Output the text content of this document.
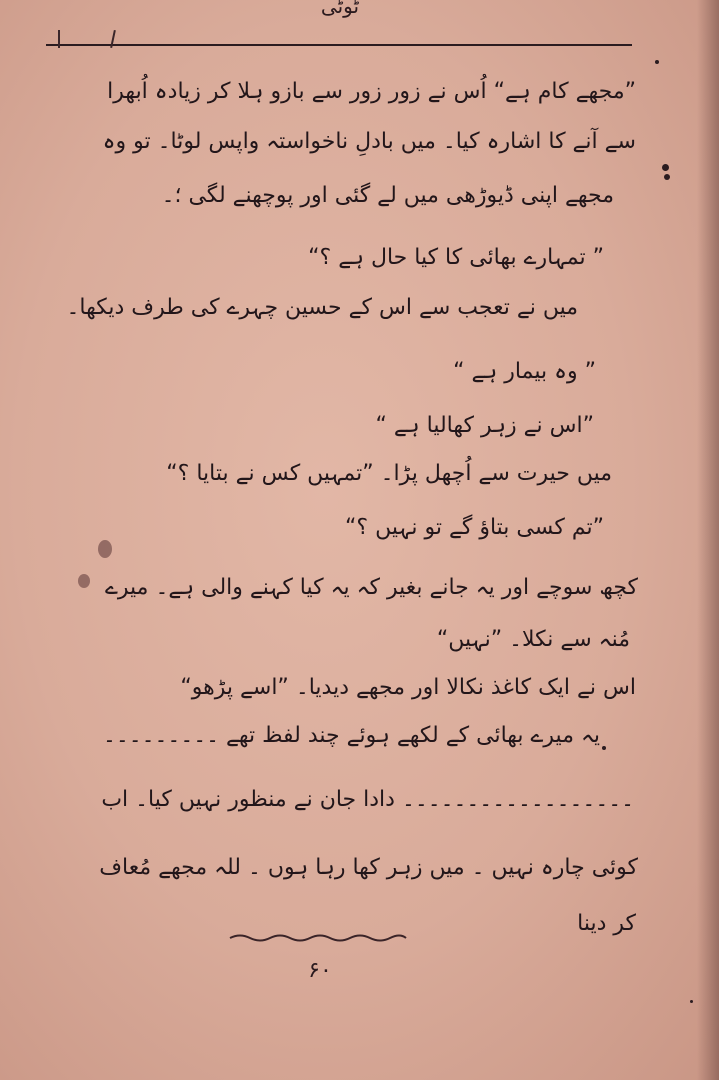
ٹوٹی
”مجھے کام ہے“ اُس نے زور زور سے بازو ہلا کر زیادہ اُبھرا
سے آنے کا اشارہ کیا۔ میں بادلِ ناخواستہ واپس لوٹا۔ تو وہ
مجھے اپنی ڈیوڑھی میں لے گئی اور پوچھنے لگی ؛۔
” تمہارے بھائی کا کیا حال ہے ؟“
میں نے تعجب سے اس کے حسین چہرے کی طرف دیکھا۔
” وہ بیمار ہے “
”اس نے زہر کھالیا ہے “
میں حیرت سے اُچھل پڑا۔ ”تمہیں کس نے بتایا ؟“
”تم کسی بتاؤ گے تو نہیں ؟“
کچھ سوچے اور یہ جانے بغیر کہ یہ کیا کہنے والی ہے۔ میرے
مُنہ سے نکلا۔ ”نہیں“
اس نے ایک کاغذ نکالا اور مجھے دیدیا۔ ”اسے پڑھو“
یہ میرے بھائی کے لکھے ہوئے چند لفظ تھے ۔۔۔۔۔۔۔۔۔
۔۔۔۔۔۔۔۔۔۔۔۔۔۔۔۔۔۔ دادا جان نے منظور نہیں کیا۔ اب
کوئی چارہ نہیں ۔ میں زہر کھا رہا ہوں ۔ للہ مجھے مُعاف
کر دینا
۶۰
